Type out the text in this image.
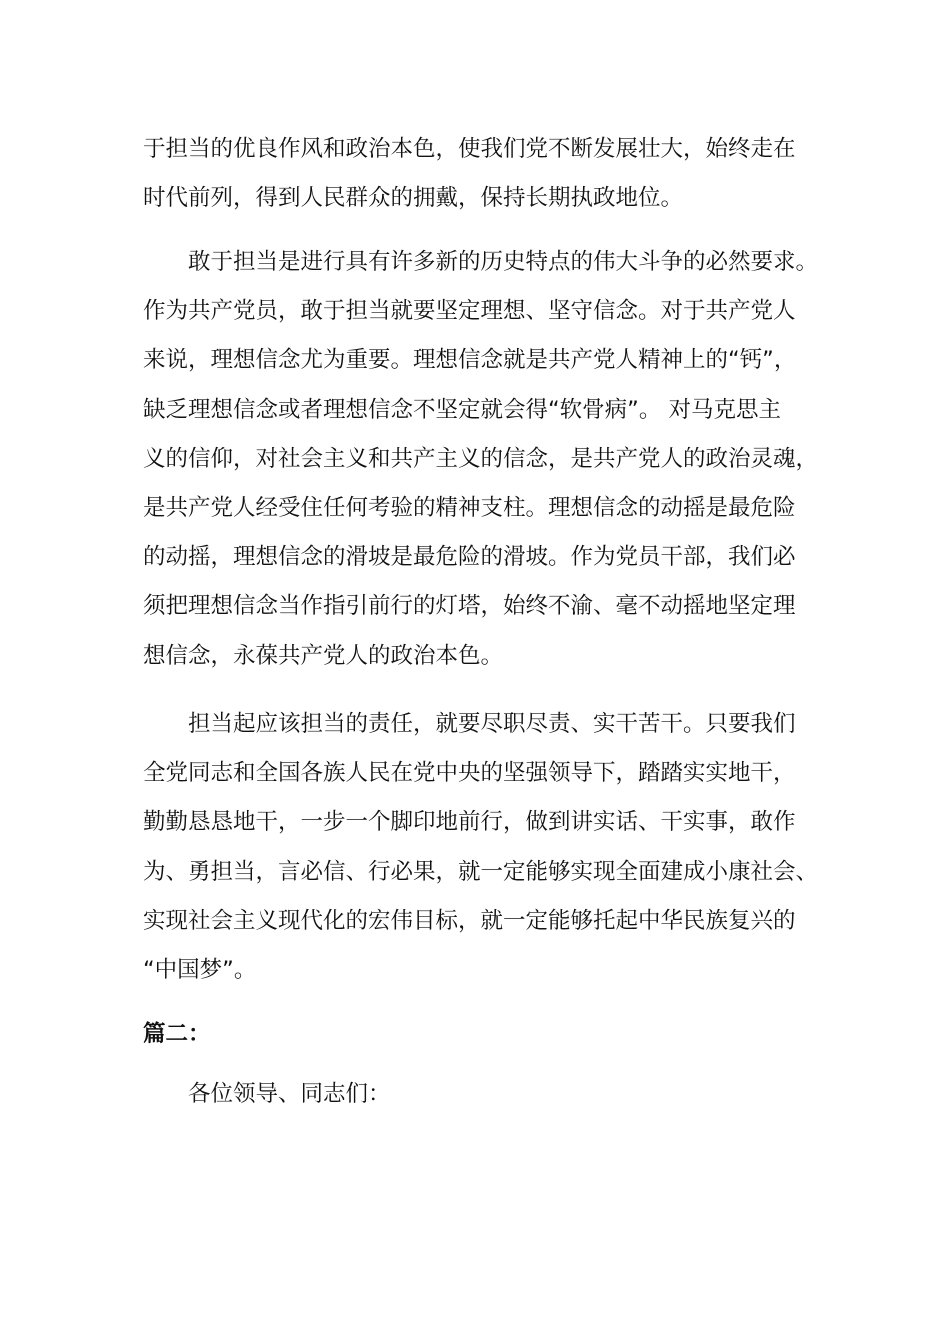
于担当的优良作风和政治本色，使我们党不断发展壮大，始终走在
时代前列，得到人民群众的拥戴，保持长期执政地位。
敢于担当是进行具有许多新的历史特点的伟大斗争的必然要求。
作为共产党员，敢于担当就要坚定理想、坚守信念。对于共产党人
来说，理想信念尤为重要。理想信念就是共产党人精神上的“钙”，
缺乏理想信念或者理想信念不坚定就会得“软骨病”。 对马克思主
义的信仰，对社会主义和共产主义的信念，是共产党人的政治灵魂，
是共产党人经受住任何考验的精神支柱。理想信念的动摇是最危险
的动摇，理想信念的滑坡是最危险的滑坡。作为党员干部，我们必
须把理想信念当作指引前行的灯塔，始终不渝、毫不动摇地坚定理
想信念，永葆共产党人的政治本色。
担当起应该担当的责任，就要尽职尽责、实干苦干。只要我们
全党同志和全国各族人民在党中央的坚强领导下，踏踏实实地干，
勤勤恳恳地干，一步一个脚印地前行，做到讲实话、干实事，敢作
为、勇担当，言必信、行必果，就一定能够实现全面建成小康社会、
实现社会主义现代化的宏伟目标，就一定能够托起中华民族复兴的
“中国梦”。
篇二：
各位领导、同志们：
